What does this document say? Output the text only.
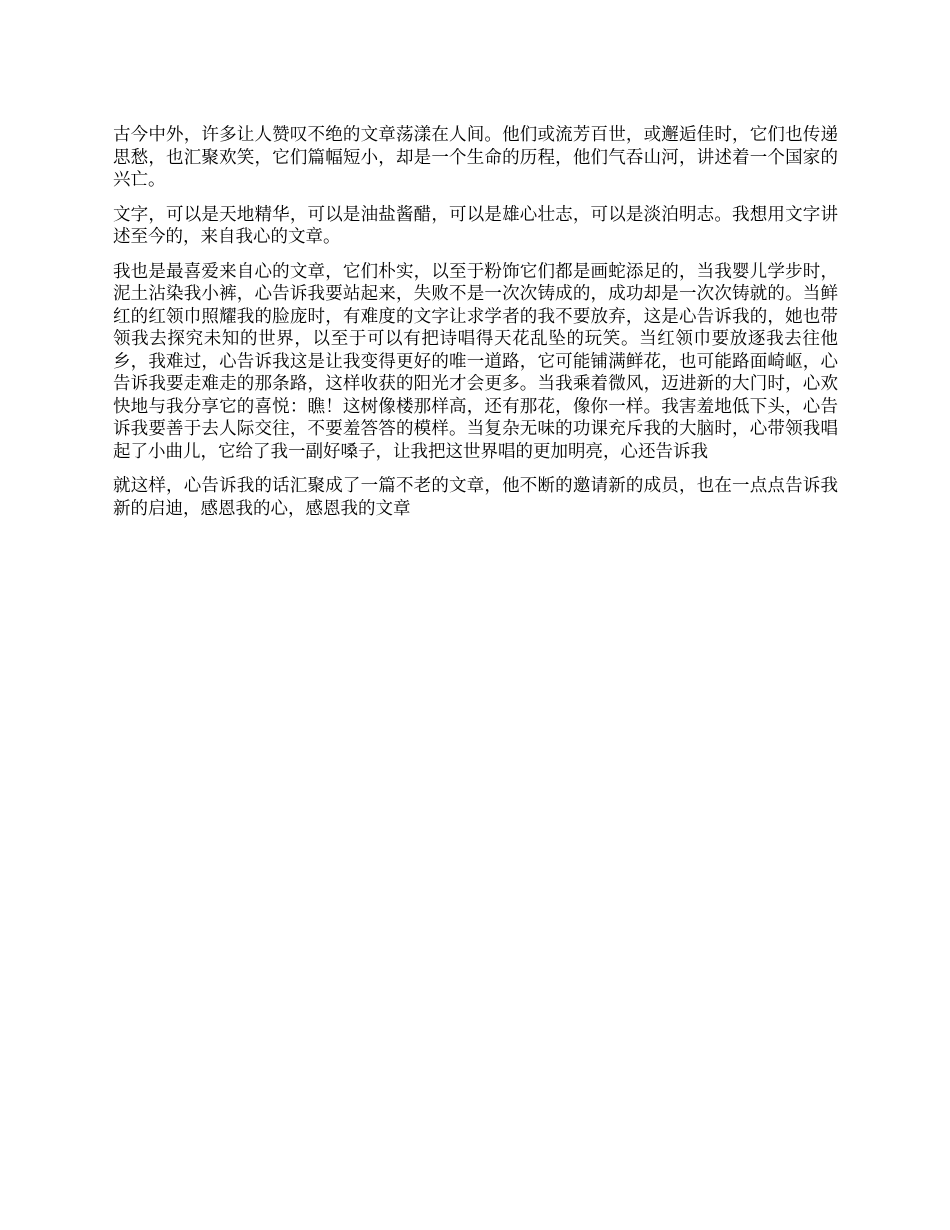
古今中外，许多让人赞叹不绝的文章荡漾在人间。他们或流芳百世，或邂逅佳时，它们也传递思愁，也汇聚欢笑，它们篇幅短小，却是一个生命的历程，他们气吞山河，讲述着一个国家的兴亡。

文字，可以是天地精华，可以是油盐酱醋，可以是雄心壮志，可以是淡泊明志。我想用文字讲述至今的，来自我心的文章。

我也是最喜爱来自心的文章，它们朴实，以至于粉饰它们都是画蛇添足的，当我婴儿学步时，泥土沾染我小裤，心告诉我要站起来，失败不是一次次铸成的，成功却是一次次铸就的。当鲜红的红领巾照耀我的脸庞时，有难度的文字让求学者的我不要放弃，这是心告诉我的，她也带领我去探究未知的世界，以至于可以有把诗唱得天花乱坠的玩笑。当红领巾要放逐我去往他乡，我难过，心告诉我这是让我变得更好的唯一道路，它可能铺满鲜花，也可能路面崎岖，心告诉我要走难走的那条路，这样收获的阳光才会更多。当我乘着微风，迈进新的大门时，心欢快地与我分享它的喜悦：瞧！这树像楼那样高，还有那花，像你一样。我害羞地低下头，心告诉我要善于去人际交往，不要羞答答的模样。当复杂无味的功课充斥我的大脑时，心带领我唱起了小曲儿，它给了我一副好嗓子，让我把这世界唱的更加明亮，心还告诉我

就这样，心告诉我的话汇聚成了一篇不老的文章，他不断的邀请新的成员，也在一点点告诉我新的启迪，感恩我的心，感恩我的文章
